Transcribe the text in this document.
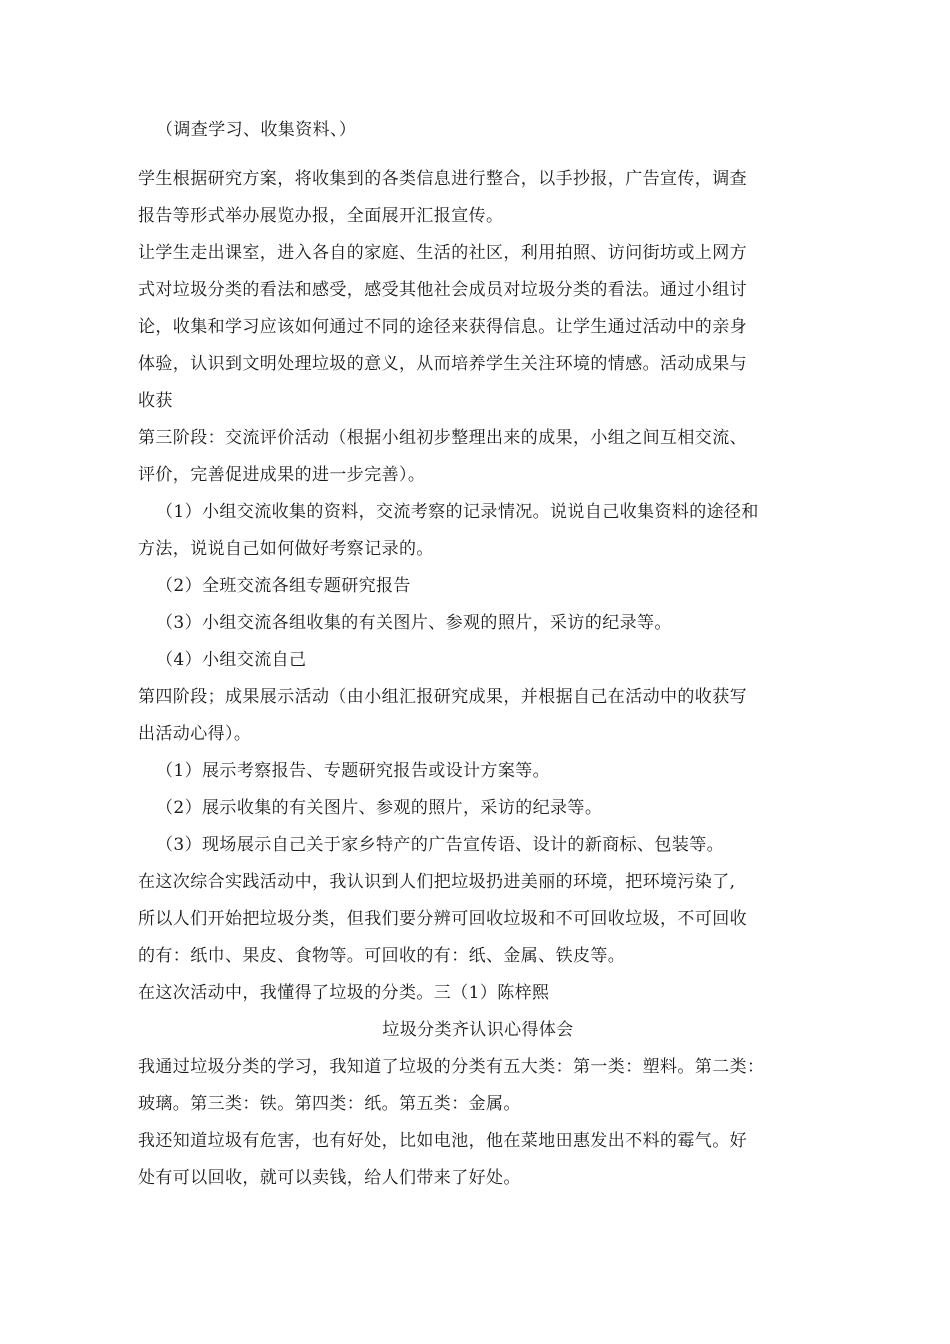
（调查学习、收集资料、）
学生根据研究方案，将收集到的各类信息进行整合，以手抄报，广告宣传，调查
报告等形式举办展览办报，全面展开汇报宣传。
让学生走出课室，进入各自的家庭、生活的社区，利用拍照、访问街坊或上网方
式对垃圾分类的看法和感受，感受其他社会成员对垃圾分类的看法。通过小组讨
论，收集和学习应该如何通过不同的途径来获得信息。让学生通过活动中的亲身
体验，认识到文明处理垃圾的意义，从而培养学生关注环境的情感。活动成果与
收获
第三阶段：交流评价活动（根据小组初步整理出来的成果，小组之间互相交流、
评价，完善促进成果的进一步完善）。
（1）小组交流收集的资料，交流考察的记录情况。说说自己收集资料的途径和
方法，说说自己如何做好考察记录的。
（2）全班交流各组专题研究报告
（3）小组交流各组收集的有关图片、参观的照片，采访的纪录等。
（4）小组交流自己
第四阶段；成果展示活动（由小组汇报研究成果，并根据自己在活动中的收获写
出活动心得）。
（1）展示考察报告、专题研究报告或设计方案等。
（2）展示收集的有关图片、参观的照片，采访的纪录等。
（3）现场展示自己关于家乡特产的广告宣传语、设计的新商标、包装等。
在这次综合实践活动中，我认识到人们把垃圾扔进美丽的环境，把环境污染了,
所以人们开始把垃圾分类，但我们要分辨可回收垃圾和不可回收垃圾，不可回收
的有：纸巾、果皮、食物等。可回收的有：纸、金属、铁皮等。
在这次活动中，我懂得了垃圾的分类。三（1）陈梓熙
垃圾分类齐认识心得体会
我通过垃圾分类的学习，我知道了垃圾的分类有五大类：第一类：塑料。第二类：
玻璃。第三类：铁。第四类：纸。第五类：金属。
我还知道垃圾有危害，也有好处，比如电池，他在菜地田惠发出不料的霉气。好
处有可以回收，就可以卖钱，给人们带来了好处。
